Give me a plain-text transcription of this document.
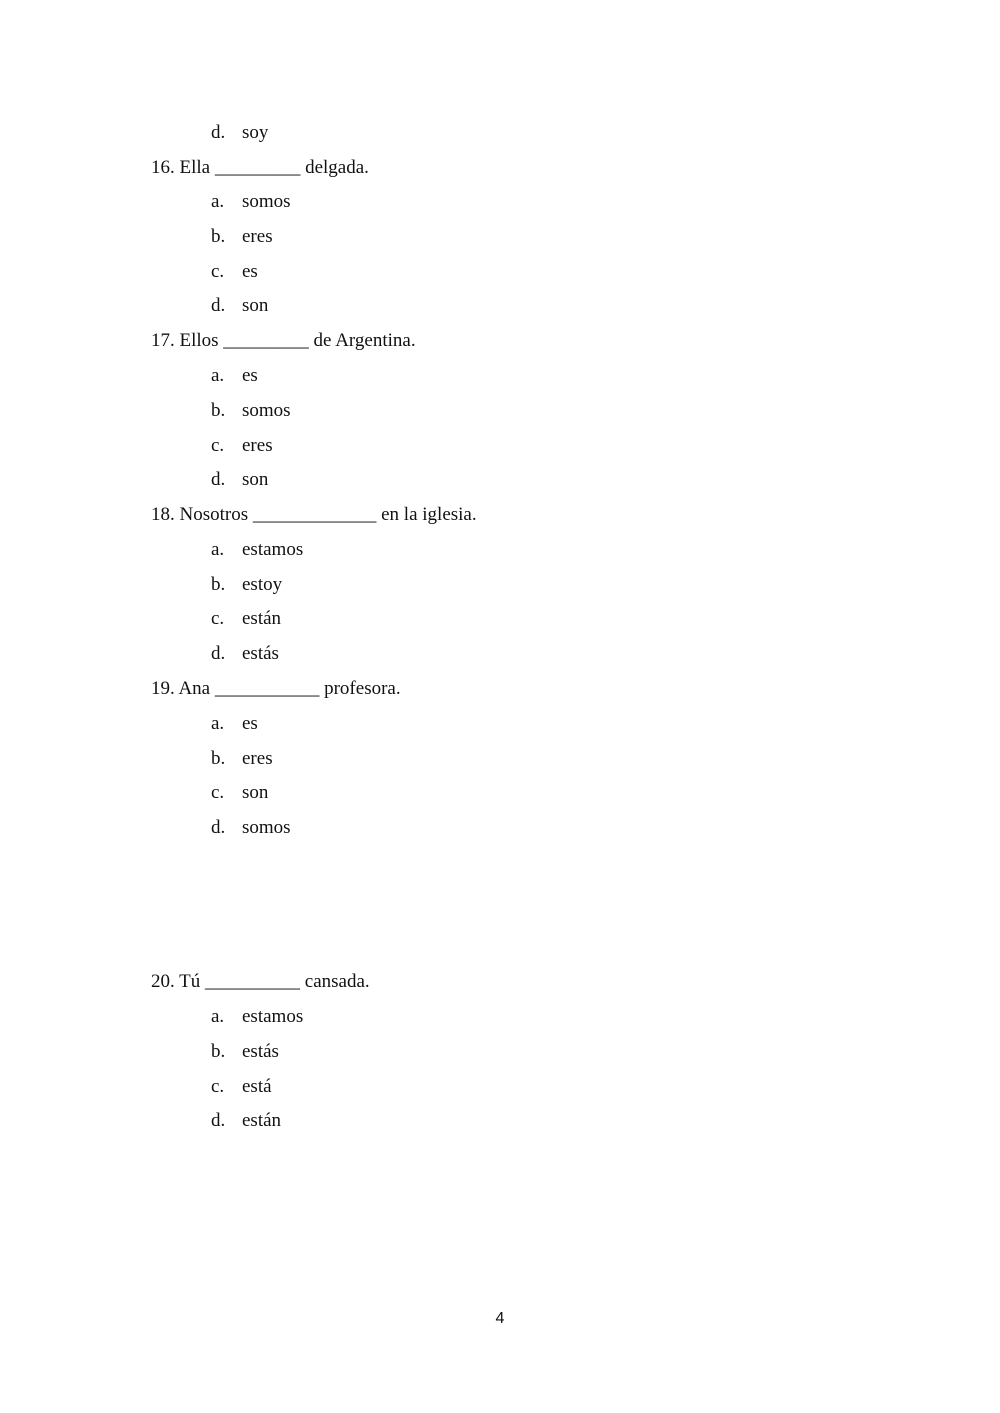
d. soy
16. Ella _________ delgada.
a. somos
b. eres
c. es
d. son
17. Ellos _________ de Argentina.
a. es
b. somos
c. eres
d. son
18. Nosotros _____________ en la iglesia.
a. estamos
b. estoy
c. están
d. estás
19. Ana ___________ profesora.
a. es
b. eres
c. son
d. somos
20. Tú __________ cansada.
a. estamos
b. estás
c. está
d. están
4
